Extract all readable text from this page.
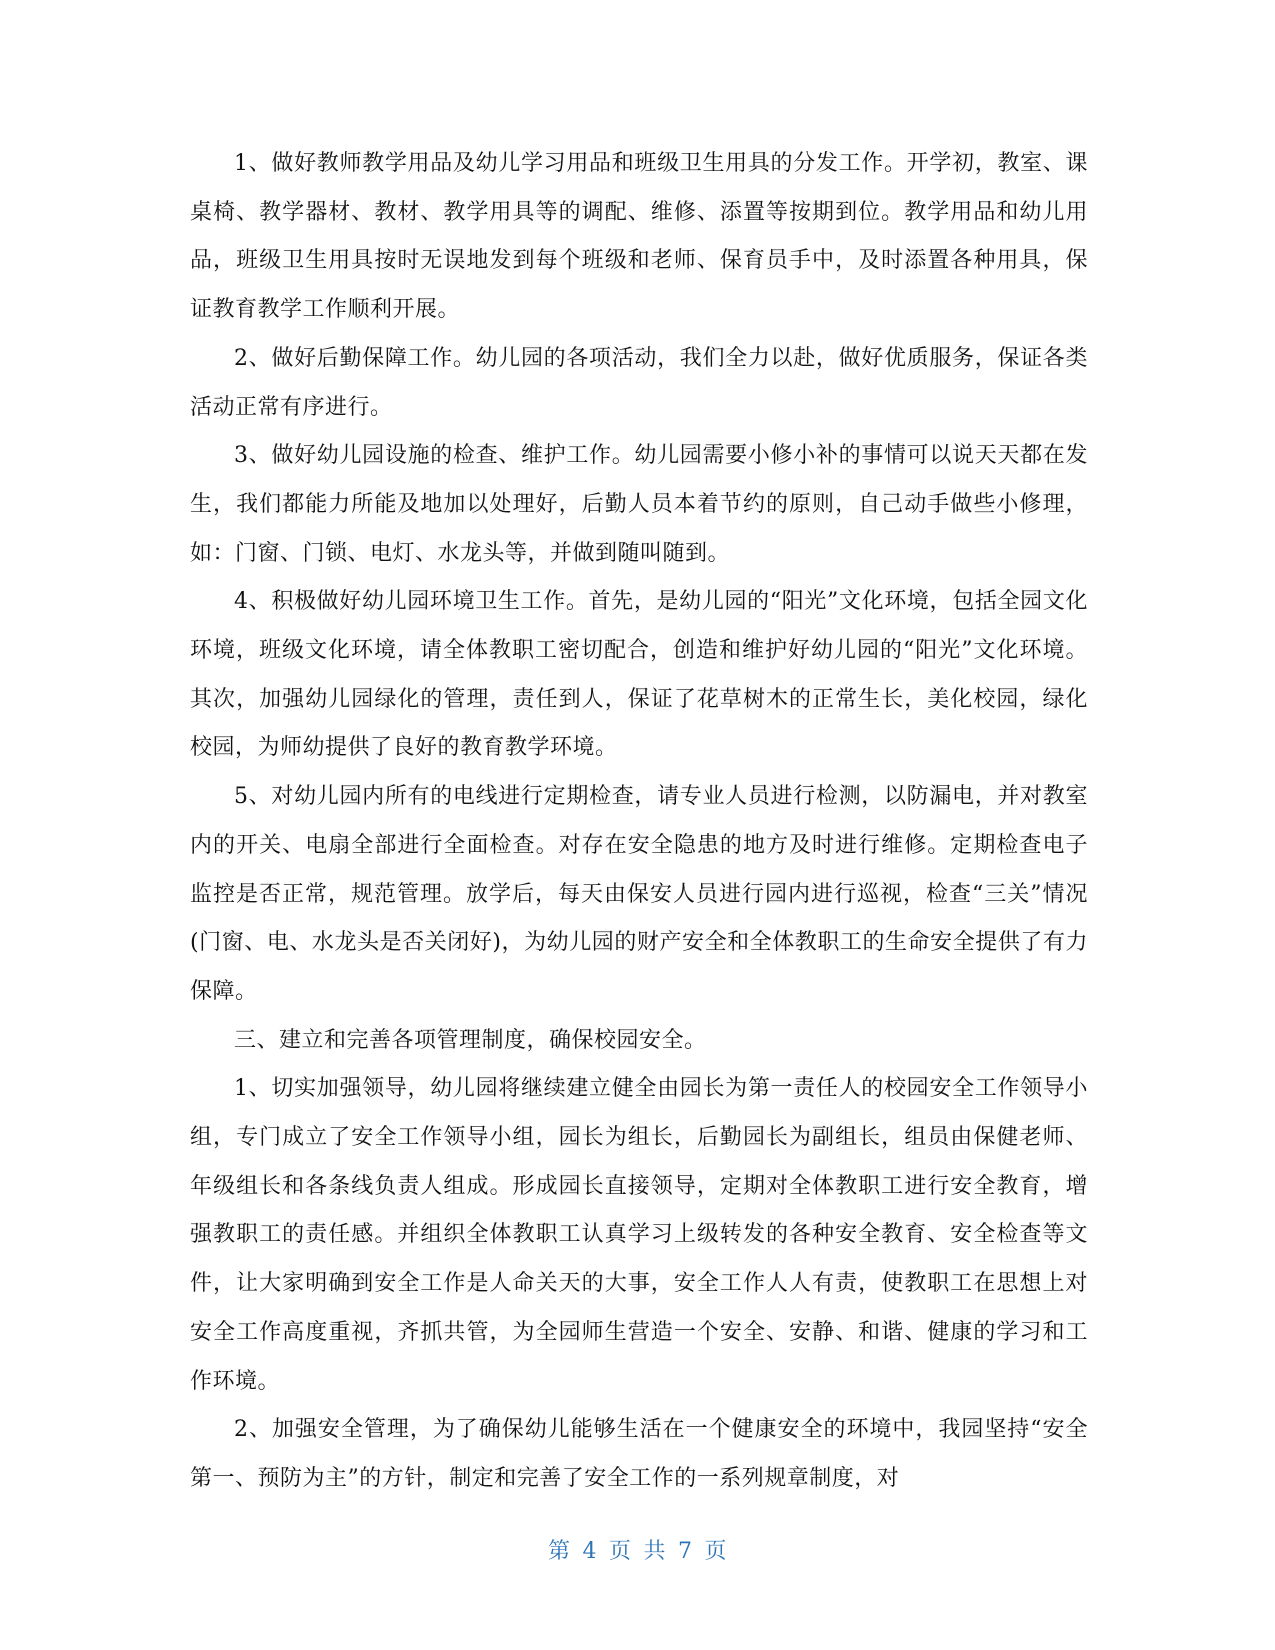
1、做好教师教学用品及幼儿学习用品和班级卫生用具的分发工作。开学初，教室、课桌椅、教学器材、教材、教学用具等的调配、维修、添置等按期到位。教学用品和幼儿用品，班级卫生用具按时无误地发到每个班级和老师、保育员手中，及时添置各种用具，保证教育教学工作顺利开展。

2、做好后勤保障工作。幼儿园的各项活动，我们全力以赴，做好优质服务，保证各类活动正常有序进行。

3、做好幼儿园设施的检查、维护工作。幼儿园需要小修小补的事情可以说天天都在发生，我们都能力所能及地加以处理好，后勤人员本着节约的原则，自己动手做些小修理，如：门窗、门锁、电灯、水龙头等，并做到随叫随到。

4、积极做好幼儿园环境卫生工作。首先，是幼儿园的“阳光”文化环境，包括全园文化环境，班级文化环境，请全体教职工密切配合，创造和维护好幼儿园的“阳光”文化环境。其次，加强幼儿园绿化的管理，责任到人，保证了花草树木的正常生长，美化校园，绿化校园，为师幼提供了良好的教育教学环境。

5、对幼儿园内所有的电线进行定期检查，请专业人员进行检测，以防漏电，并对教室内的开关、电扇全部进行全面检查。对存在安全隐患的地方及时进行维修。定期检查电子监控是否正常，规范管理。放学后，每天由保安人员进行园内进行巡视，检查“三关”情况(门窗、电、水龙头是否关闭好)，为幼儿园的财产安全和全体教职工的生命安全提供了有力保障。

三、建立和完善各项管理制度，确保校园安全。

1、切实加强领导，幼儿园将继续建立健全由园长为第一责任人的校园安全工作领导小组，专门成立了安全工作领导小组，园长为组长，后勤园长为副组长，组员由保健老师、年级组长和各条线负责人组成。形成园长直接领导，定期对全体教职工进行安全教育，增强教职工的责任感。并组织全体教职工认真学习上级转发的各种安全教育、安全检查等文件，让大家明确到安全工作是人命关天的大事，安全工作人人有责，使教职工在思想上对安全工作高度重视，齐抓共管，为全园师生营造一个安全、安静、和谐、健康的学习和工作环境。

2、加强安全管理，为了确保幼儿能够生活在一个健康安全的环境中，我园坚持“安全第一、预防为主”的方针，制定和完善了安全工作的一系列规章制度，对

第 4 页 共 7 页
